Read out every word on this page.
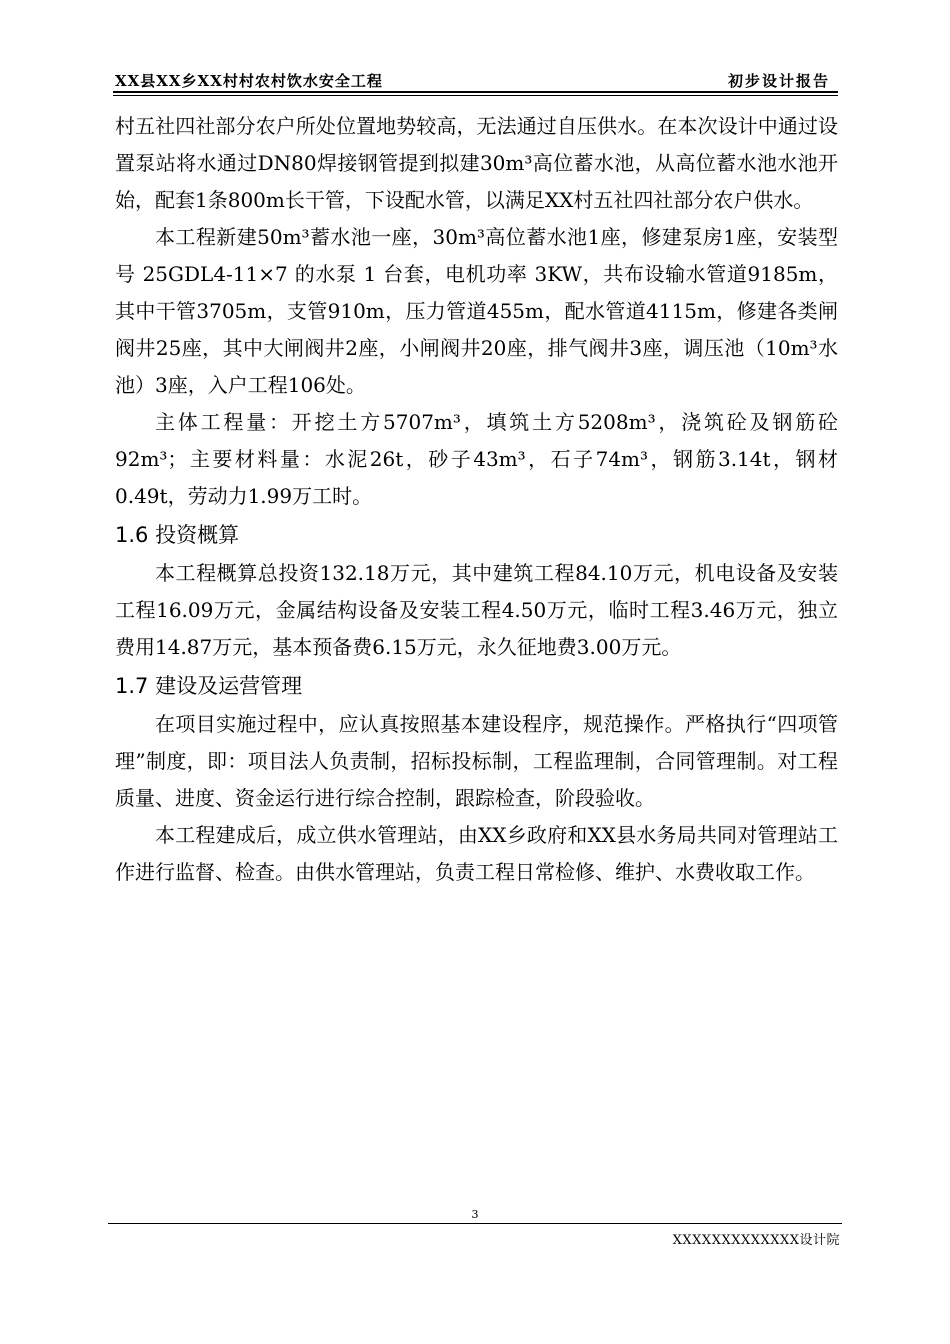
XX县XX乡XX村村农村饮水安全工程	初步设计报告

村五社四社部分农户所处位置地势较高，无法通过自压供水。在本次设计中通过设置泵站将水通过DN80焊接钢管提到拟建30m³高位蓄水池，从高位蓄水池水池开始，配套1条800m长干管，下设配水管，以满足XX村五社四社部分农户供水。

本工程新建50m³蓄水池一座，30m³高位蓄水池1座，修建泵房1座，安装型号 25GDL4-11×7 的水泵 1 台套，电机功率 3KW，共布设输水管道9185m，其中干管3705m，支管910m，压力管道455m，配水管道4115m，修建各类闸阀井25座，其中大闸阀井2座，小闸阀井20座，排气阀井3座，调压池（10m³水池）3座，入户工程106处。

主体工程量：开挖土方5707m³，填筑土方5208m³，浇筑砼及钢筋砼92m³；主要材料量：水泥26t，砂子43m³，石子74m³，钢筋3.14t，钢材0.49t，劳动力1.99万工时。

1.6 投资概算

本工程概算总投资132.18万元，其中建筑工程84.10万元，机电设备及安装工程16.09万元，金属结构设备及安装工程4.50万元，临时工程3.46万元，独立费用14.87万元，基本预备费6.15万元，永久征地费3.00万元。

1.7 建设及运营管理

在项目实施过程中，应认真按照基本建设程序，规范操作。严格执行“四项管理”制度，即：项目法人负责制，招标投标制，工程监理制，合同管理制。对工程质量、进度、资金运行进行综合控制，跟踪检查，阶段验收。

本工程建成后，成立供水管理站，由XX乡政府和XX县水务局共同对管理站工作进行监督、检查。由供水管理站，负责工程日常检修、维护、水费收取工作。

3
XXXXXXXXXXXXX设计院
